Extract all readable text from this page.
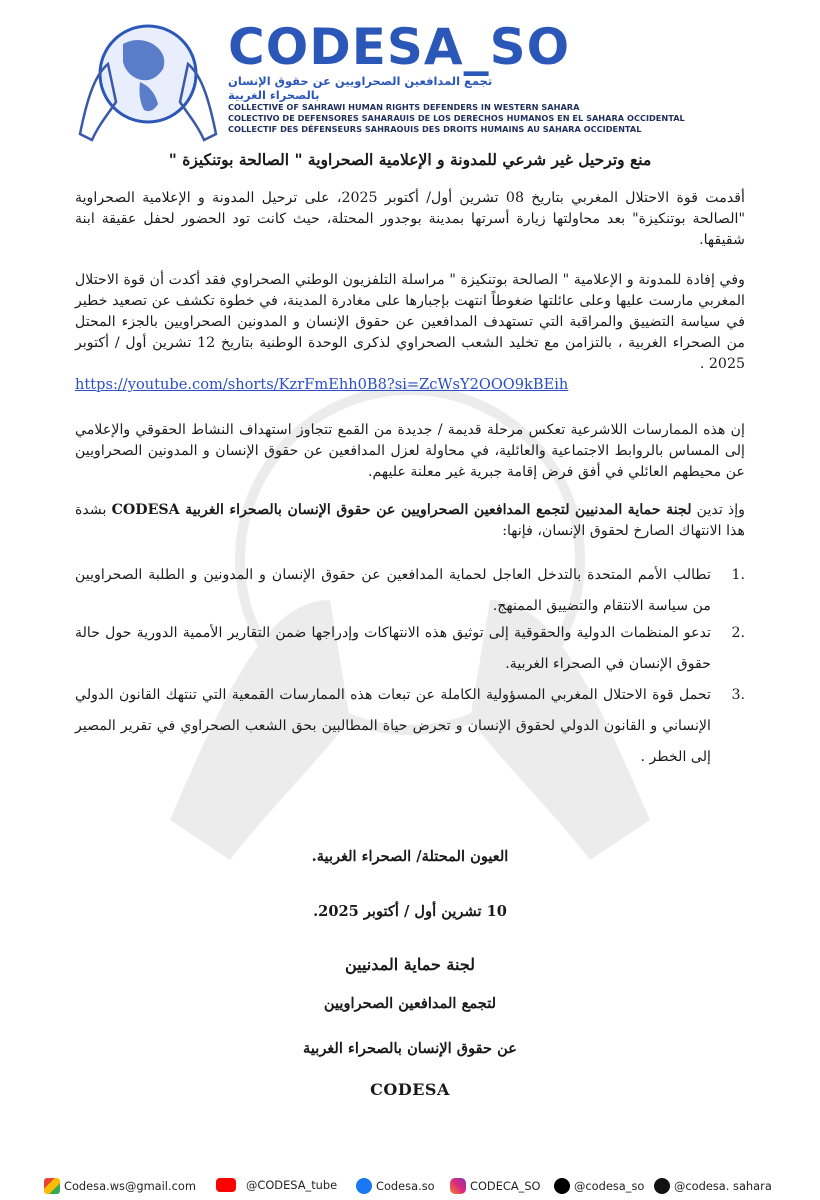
CODESA_SO
تجمع المدافعين الصحراويين عن حقوق الإنسان بالصحراء الغربية
COLLECTIVE OF SAHRAWI HUMAN RIGHTS DEFENDERS IN WESTERN SAHARA
COLECTIVO DE DEFENSORES SAHARAUIS DE LOS DERECHOS HUMANOS EN EL SAHARA OCCIDENTAL
COLLECTIF DES DÉFENSEURS SAHRAOUIS DES DROITS HUMAINS AU SAHARA OCCIDENTAL
منع وترحيل غير شرعي للمدونة و الإعلامية الصحراوية " الصالحة بوتنكيزة "
أقدمت قوة الاحتلال المغربي بتاريخ 08 تشرين أول/ أكتوبر 2025، على ترحيل المدونة و الإعلامية الصحراوية "الصالحة بوتنكيزة" بعد محاولتها زيارة أسرتها بمدينة بوجدور المحتلة، حيث كانت تود الحضور لحفل عقيقة ابنة شقيقها.
وفي إفادة للمدونة و الإعلامية " الصالحة بوتنكيزة " مراسلة التلفزيون الوطني الصحراوي فقد أكدت أن قوة الاحتلال المغربي مارست عليها وعلى عائلتها ضغوطاً انتهت بإجبارها على مغادرة المدينة، في خطوة تكشف عن تصعيد خطير في سياسة التضييق والمراقبة التي تستهدف المدافعين عن حقوق الإنسان و المدونين الصحراويين بالجزء المحتل من الصحراء الغربية ، بالتزامن مع تخليد الشعب الصحراوي لذكرى الوحدة الوطنية بتاريخ 12 تشرين أول / أكتوبر 2025 .
https://youtube.com/shorts/KzrFmEhh0B8?si=ZcWsY2OOO9kBEih
إن هذه الممارسات اللاشرعية تعكس مرحلة قديمة / جديدة من القمع تتجاوز استهداف النشاط الحقوقي والإعلامي إلى المساس بالروابط الاجتماعية والعائلية، في محاولة لعزل المدافعين عن حقوق الإنسان و المدونين الصحراويين عن محيطهم العائلي في أفق فرض إقامة جبرية غير معلنة عليهم.
وإذ تدين لجنة حماية المدنيين لتجمع المدافعين الصحراويين عن حقوق الإنسان بالصحراء الغربية CODESA بشدة هذا الانتهاك الصارخ لحقوق الإنسان، فإنها:
.1
تطالب الأمم المتحدة بالتدخل العاجل لحماية المدافعين عن حقوق الإنسان و المدونين و الطلبة الصحراويين من سياسة الانتقام والتضييق الممنهج.
.2
تدعو المنظمات الدولية والحقوقية إلى توثيق هذه الانتهاكات وإدراجها ضمن التقارير الأممية الدورية حول حالة حقوق الإنسان في الصحراء الغربية.
.3
تحمل قوة الاحتلال المغربي المسؤولية الكاملة عن تبعات هذه الممارسات القمعية التي تنتهك القانون الدولي الإنساني و القانون الدولي لحقوق الإنسان و تحرض حياة المطالبين بحق الشعب الصحراوي في تقرير المصير إلى الخطر .
العيون المحتلة/ الصحراء الغربية.
10 تشرين أول / أكتوبر 2025.
لجنة حماية المدنيين
لتجمع المدافعين الصحراويين
عن حقوق الإنسان بالصحراء الغربية
CODESA
Codesa.ws@gmail.com	@CODESA_tube	Codesa.so	CODECA_SO	@codesa_so	@codesa. sahara
